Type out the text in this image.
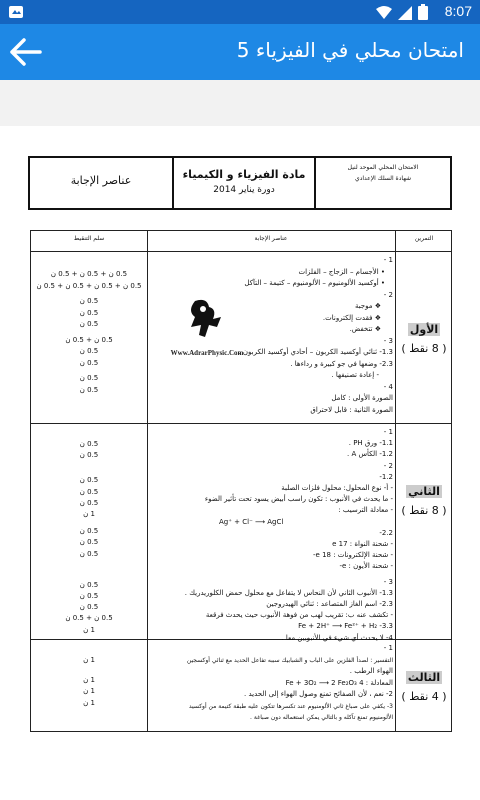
8:07
امتحان محلي في الفيزياء 5
الامتحان المحلي الموحد لنيل
شهادة السلك الإعدادي
مادة الفيزياء و الكيمياء
دورة يناير 2014
عناصر الإجابة
التمرين
عناصر الإجابة
سلم التنقيط
الأول
( 8 نقط )
1 -
• الأجسام – الزجاج – الفلزات
• أوكسيد الألومنيوم – الألومنيوم – كتيمة – التآكل
2 -
❖ موجبة
❖ فقدت إلكترونات.
❖ تتخفض.
3 -
1.3- ثنائي أوكسيد الكربون – أحادي أوكسيد الكربون .
2.3- وضعها في جو كبيرة و رداءها .
- إعادة تصنيفها .
4 -
الصورة الأولى : كامل
الصورة الثانية : قابل لاحتراق
0.5 ن + 0.5 ن + 0.5 ن
0.5 ن + 0.5 ن + 0.5 ن + 0.5 ن
0.5 ن
0.5 ن
0.5 ن
0.5 ن + 0.5 ن
0.5 ن
0.5 ن
0.5 ن
0.5 ن
Www.AdrarPhysic.Com
الثاني
( 8 نقط )
1 -
1.1- ورق PH .
1.2- الكأس A .
2 -
1.2-
- أ- نوع المحلول: محلول فلزات الصلبة
- ما يحدث في الأنبوب : تكون راسب أبيض يسود تحت تأثير الضوء
- معادلة الترسيب :
Ag⁺ + Cl⁻ ⟶ AgCl
2.2-
- شحنة النواة : 17 e
- شحنة الإلكترونات : 18 e-
- شحنة الأيون : e-
3 -
1.3- الأنبوب الثاني لأن النحاس لا يتفاعل مع محلول حمض الكلوريدريك .
2.3- اسم الغاز المتصاعد : ثنائي الهيدروجين
- تكشف عنه ب: تقريب لهب من فوهة الأنبوب حيث يحدث فرقعة
3.3- Fe + 2H⁺ ⟶ Fe²⁺ + H₂
4- لا يحدث أي شيء في الأنبوبين معا .
0.5 ن
0.5 ن
0.5 ن
0.5 ن
0.5 ن
1 ن
0.5 ن
0.5 ن
0.5 ن
0.5 ن
0.5 ن
0.5 ن
0.5 ن + 0.5 ن
1 ن
الثالث
( 4 نقط )
1 -
التفسير : لصدأ الفلزين على الباب و الشبابيك سببه تفاعل الحديد مع ثنائي أوكسجين
الهواء الرطب .
المعادلة : 4 Fe + 3O₂ ⟶ 2 Fe₂O₃
2- نعم ، لأن الصفائح تمنع وصول الهواء إلى الحديد .
3- يكفي على صباغ ثاني الألومنيوم عند تكسرها تتكون عليه طبقة كتيمة من أوكسيد
الألومنيوم تمنع تآكله و بالتالي يمكن استعماله دون صباغة .
1 ن
1 ن
1 ن
1 ن
